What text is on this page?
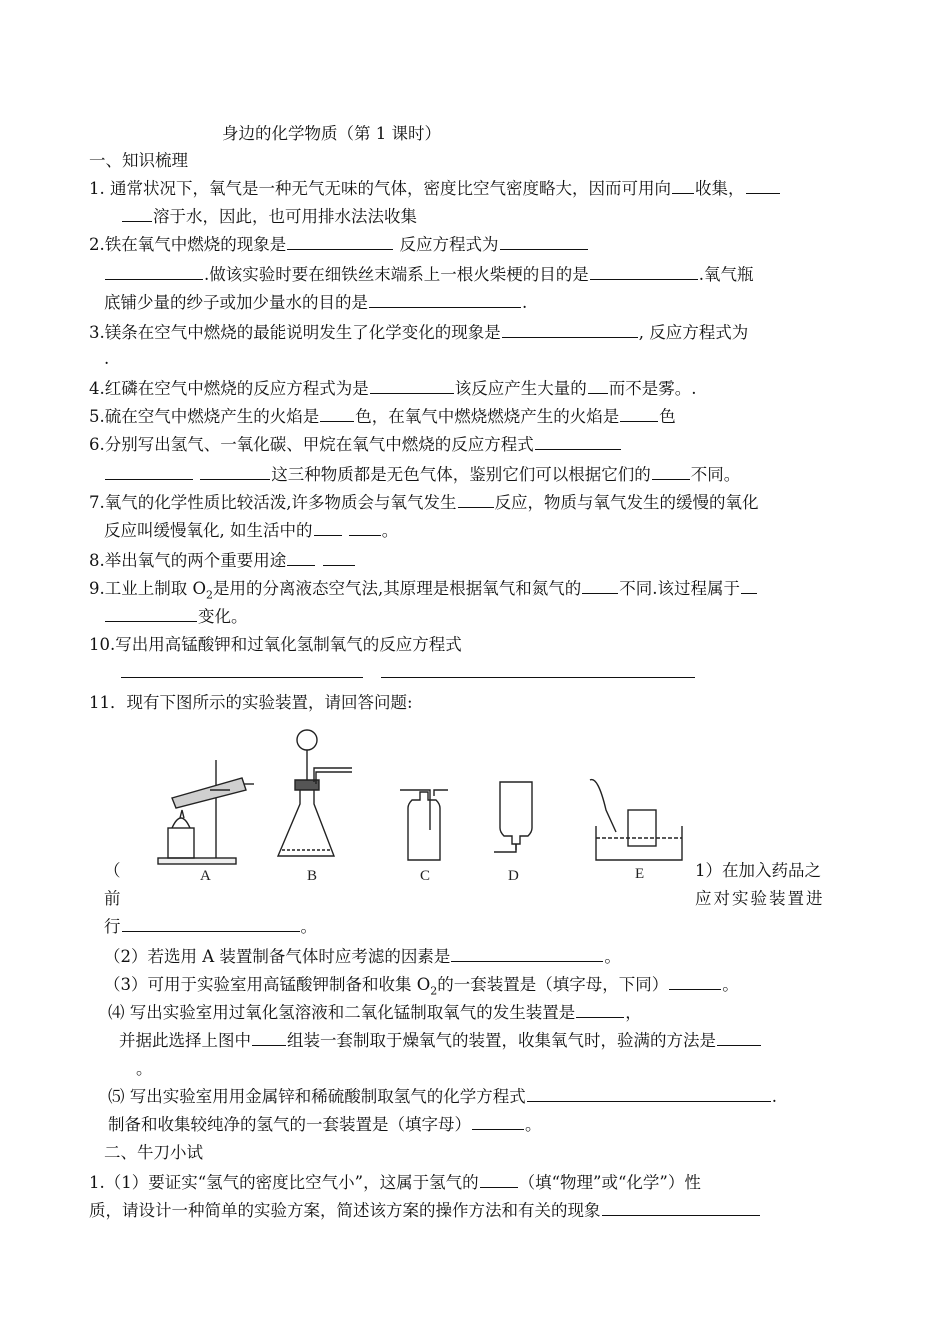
身边的化学物质（第 1 课时）
一、知识梳理
1. 通常状况下，氧气是一种无气无味的气体，密度比空气密度略大，因而可用向 收集，
溶于水，因此，也可用排水法法收集
2.铁在氧气中燃烧的现象是	反应方程式为
.做该实验时要在细铁丝末端系上一根火柴梗的目的是	.氧气瓶
底铺少量的纱子或加少量水的目的是	.
3.镁条在空气中燃烧的最能说明发生了化学变化的现象是	, 反应方程式为
.
4.红磷在空气中燃烧的反应方程式为是	该反应产生大量的 而不是雾。.
5.硫在空气中燃烧产生的火焰是 色，在氧气中燃烧燃烧产生的火焰是 色
6.分别写出氢气、一氧化碳、甲烷在氧气中燃烧的反应方程式
这三种物质都是无色气体，鉴别它们可以根据它们的 不同。
7.氧气的化学性质比较活泼,许多物质会与氧气发生 反应，物质与氧气发生的缓慢的氧化
反应叫缓慢氧化, 如生活中的	。
8.举出氧气的两个重要用途
9.工业上制取 $O_2$是用的分离液态空气法,其原理是根据氧气和氮气的 不同.该过程属于
变化。
10.写出用高锰酸钾和过氧化氢制氧气的反应方程式

11．现有下图所示的实验装置，请回答问题:
A	B	C	D	E
（	1）在加入药品之
前	应对实验装置进
行	。
（2）若选用 A 装置制备气体时应考滤的因素是	。
（3）可用于实验室用高锰酸钾制备和收集 $O_2$的一套装置是（填字母，下同）	。
⑷ 写出实验室用过氧化氢溶液和二氧化锰制取氧气的发生装置是	，
并据此选择上图中 组装一套制取于燥氧气的装置，收集氧气时，验满的方法是
。
⑸ 写出实验室用用金属锌和稀硫酸制取氢气的化学方程式	.
制备和收集较纯净的氢气的一套装置是（填字母）	。
二、牛刀小试
1.（1）要证实“氢气的密度比空气小”，这属于氢气的 （填“物理”或“化学”）性
质，请设计一种简单的实验方案，简述该方案的操作方法和有关的现象
